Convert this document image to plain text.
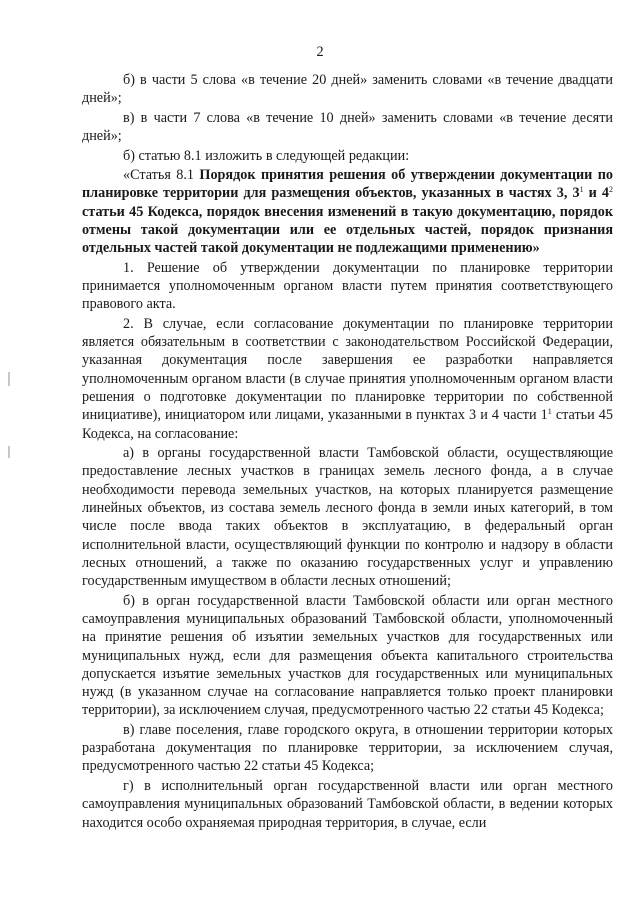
2

б) в части 5 слова «в течение 20 дней» заменить словами «в течение двадцати дней»;

в) в части 7 слова «в течение 10 дней» заменить словами «в течение десяти дней»;

б) статью 8.1 изложить в следующей редакции:

«Статья 8.1 Порядок принятия решения об утверждении документации по планировке территории для размещения объектов, указанных в частях 3, $3^1$ и $4^2$ статьи 45 Кодекса, порядок внесения изменений в такую документацию, порядок отмены такой документации или ее отдельных частей, порядок признания отдельных частей такой документации не подлежащими применению»

1. Решение об утверждении документации по планировке территории принимается уполномоченным органом власти путем принятия соответствующего правового акта.

2. В случае, если согласование документации по планировке территории является обязательным в соответствии с законодательством Российской Федерации, указанная документация после завершения ее разработки направляется уполномоченным органом власти (в случае принятия уполномоченным органом власти решения о подготовке документации по планировке территории по собственной инициативе), инициатором или лицами, указанными в пунктах 3 и 4 части $1^1$ статьи 45 Кодекса, на согласование:

а) в органы государственной власти Тамбовской области, осуществляющие предоставление лесных участков в границах земель лесного фонда, а в случае необходимости перевода земельных участков, на которых планируется размещение линейных объектов, из состава земель лесного фонда в земли иных категорий, в том числе после ввода таких объектов в эксплуатацию, в федеральный орган исполнительной власти, осуществляющий функции по контролю и надзору в области лесных отношений, а также по оказанию государственных услуг и управлению государственным имуществом в области лесных отношений;

б) в орган государственной власти Тамбовской области или орган местного самоуправления муниципальных образований Тамбовской области, уполномоченный на принятие решения об изъятии земельных участков для государственных или муниципальных нужд, если для размещения объекта капитального строительства допускается изъятие земельных участков для государственных или муниципальных нужд (в указанном случае на согласование направляется только проект планировки территории), за исключением случая, предусмотренного частью 22 статьи 45 Кодекса;

в) главе поселения, главе городского округа, в отношении территории которых разработана документация по планировке территории, за исключением случая, предусмотренного частью 22 статьи 45 Кодекса;

г) в исполнительный орган государственной власти или орган местного самоуправления муниципальных образований Тамбовской области, в ведении которых находится особо охраняемая природная территория, в случае, если
